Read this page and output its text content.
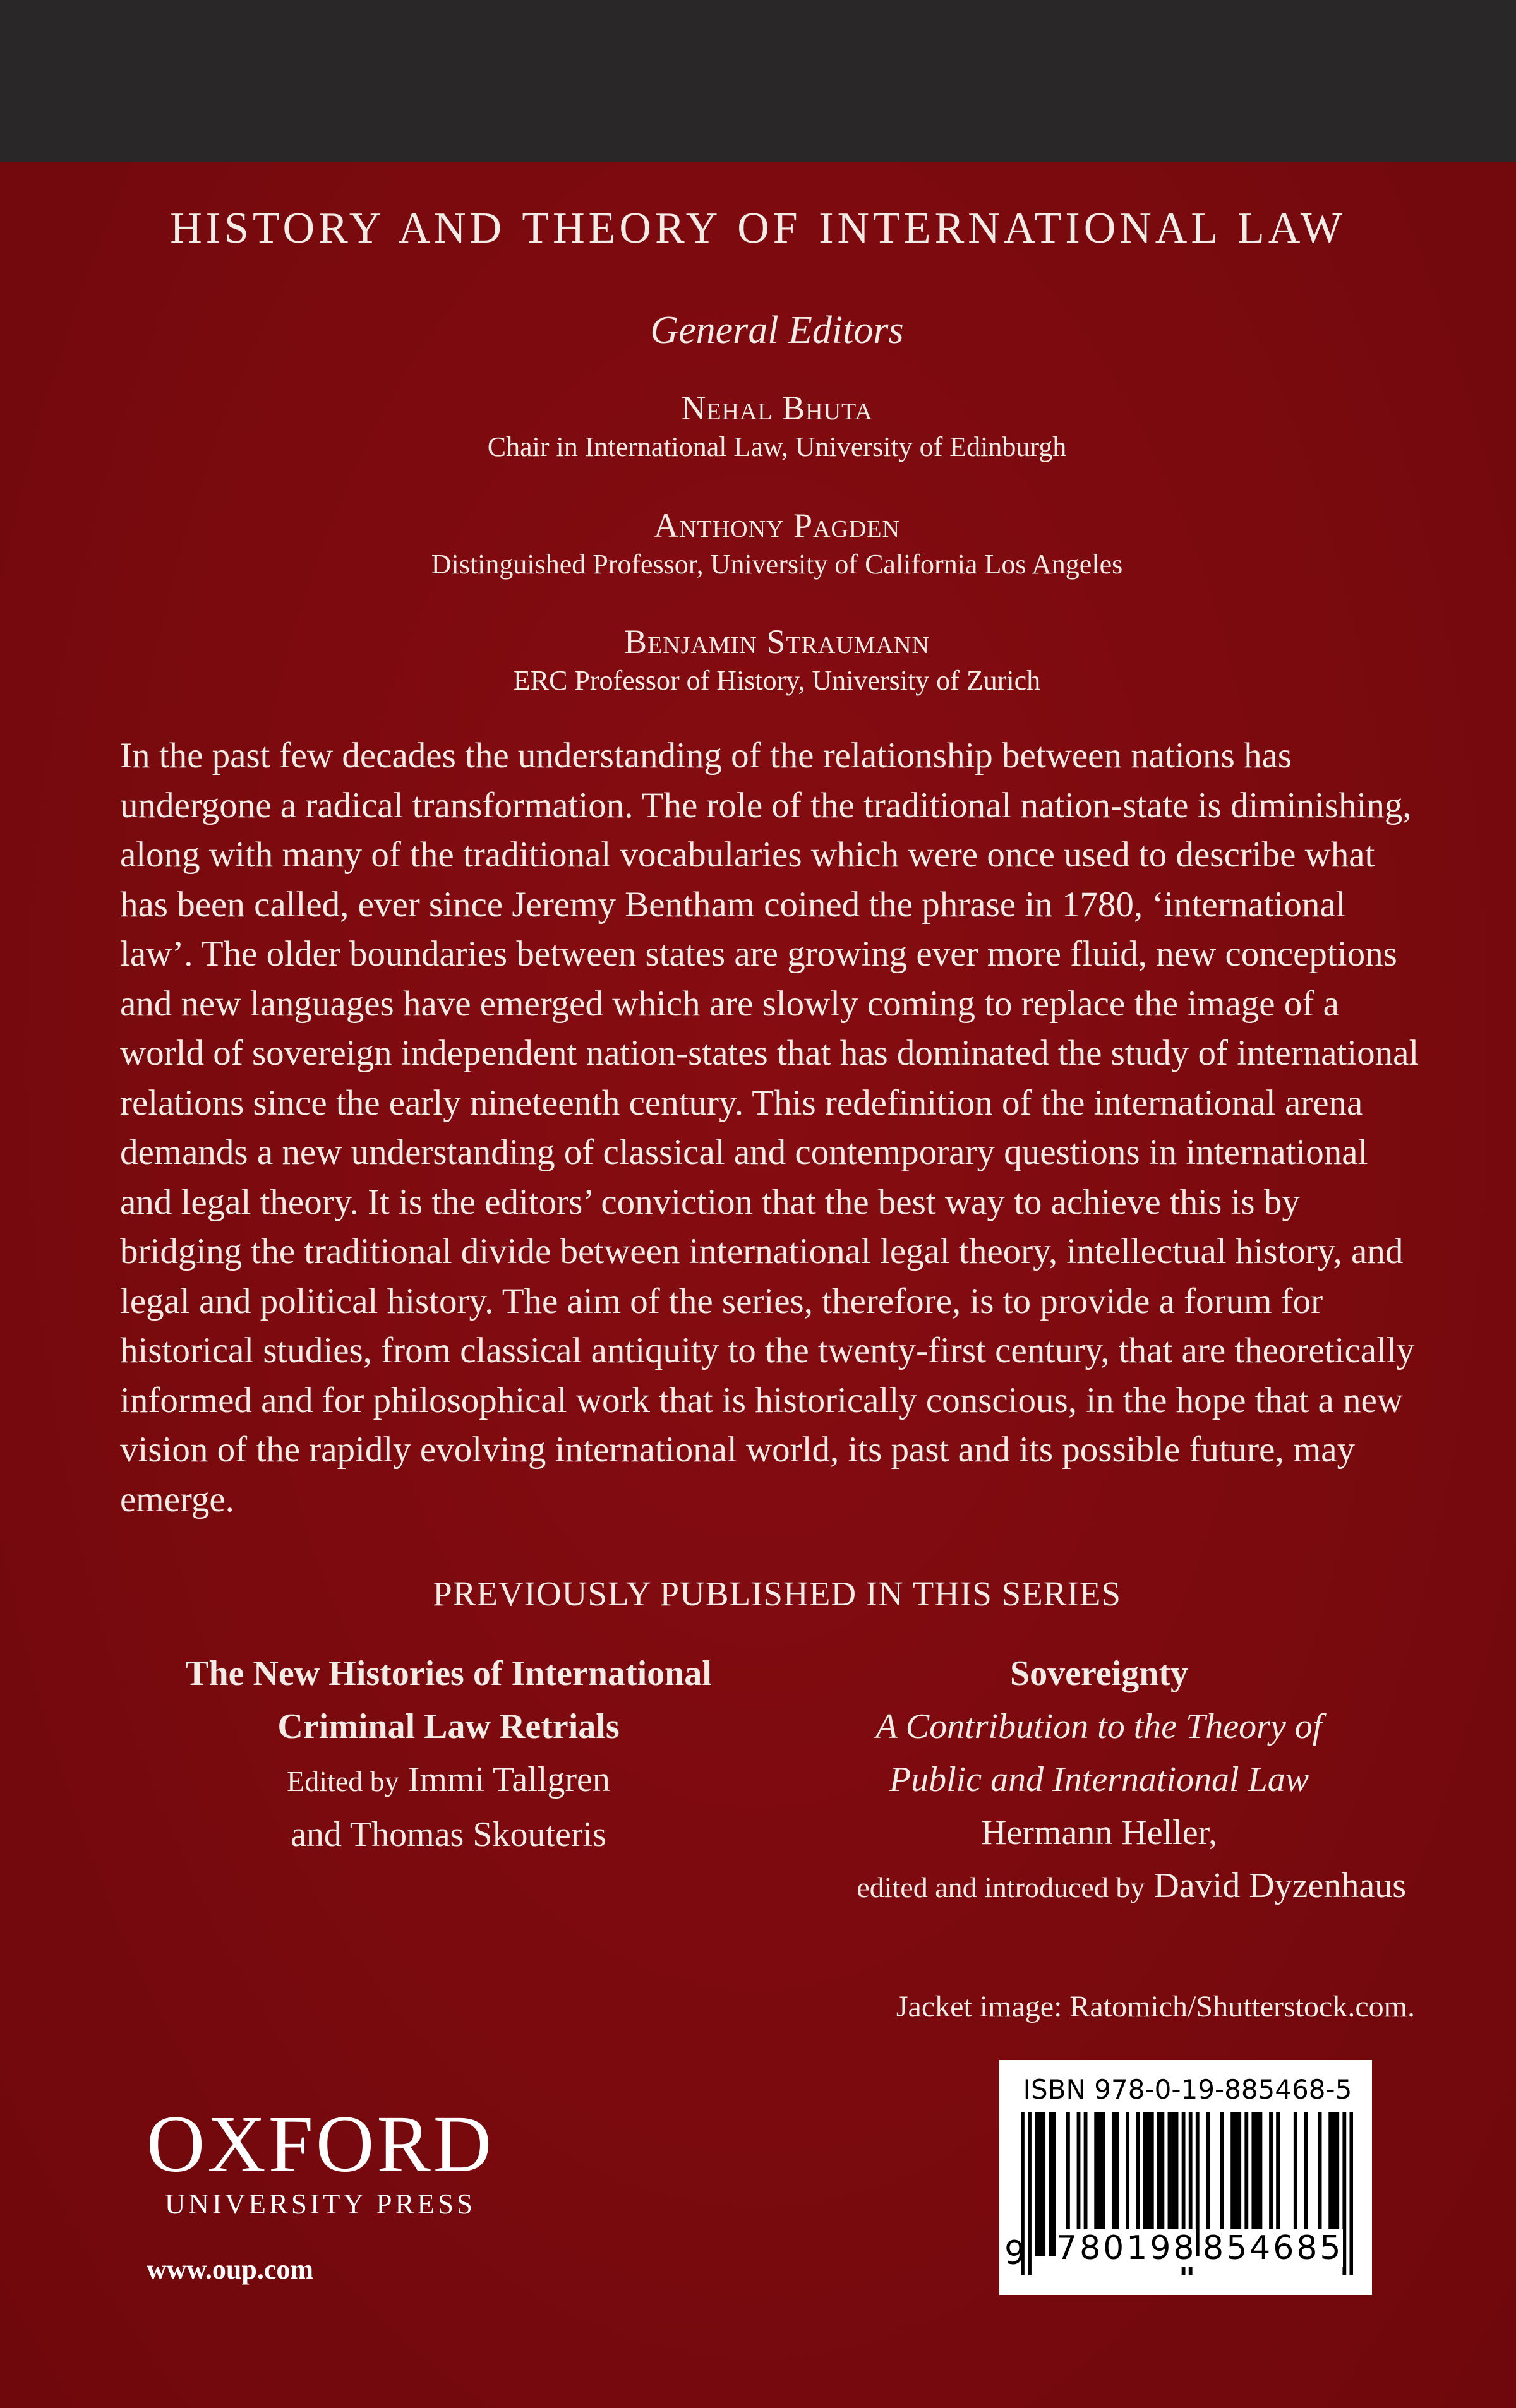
HISTORY AND THEORY OF INTERNATIONAL LAW
General Editors
Nehal Bhuta
Chair in International Law, University of Edinburgh
Anthony Pagden
Distinguished Professor, University of California Los Angeles
Benjamin Straumann
ERC Professor of History, University of Zurich

In the past few decades the understanding of the relationship between nations has undergone a radical transformation. The role of the traditional nation-state is diminishing, along with many of the traditional vocabularies which were once used to describe what has been called, ever since Jeremy Bentham coined the phrase in 1780, ‘international law’. The older boundaries between states are growing ever more fluid, new conceptions and new languages have emerged which are slowly coming to replace the image of a world of sovereign independent nation-states that has dominated the study of international relations since the early nineteenth century. This redefinition of the international arena demands a new understanding of classical and contemporary questions in international and legal theory. It is the editors’ conviction that the best way to achieve this is by bridging the traditional divide between international legal theory, intellectual history, and legal and political history. The aim of the series, therefore, is to provide a forum for historical studies, from classical antiquity to the twenty-first century, that are theoretically informed and for philosophical work that is historically conscious, in the hope that a new vision of the rapidly evolving international world, its past and its possible future, may emerge.

PREVIOUSLY PUBLISHED IN THIS SERIES
The New Histories of International
Criminal Law Retrials
Edited by Immi Tallgren
and Thomas Skouteris
Sovereignty
A Contribution to the Theory of
Public and International Law
Hermann Heller,
edited and introduced by David Dyzenhaus
Jacket image: Ratomich/Shutterstock.com.
OXFORD
UNIVERSITY PRESS
www.oup.com
ISBN 978-0-19-885468-5
9 780198 854685
